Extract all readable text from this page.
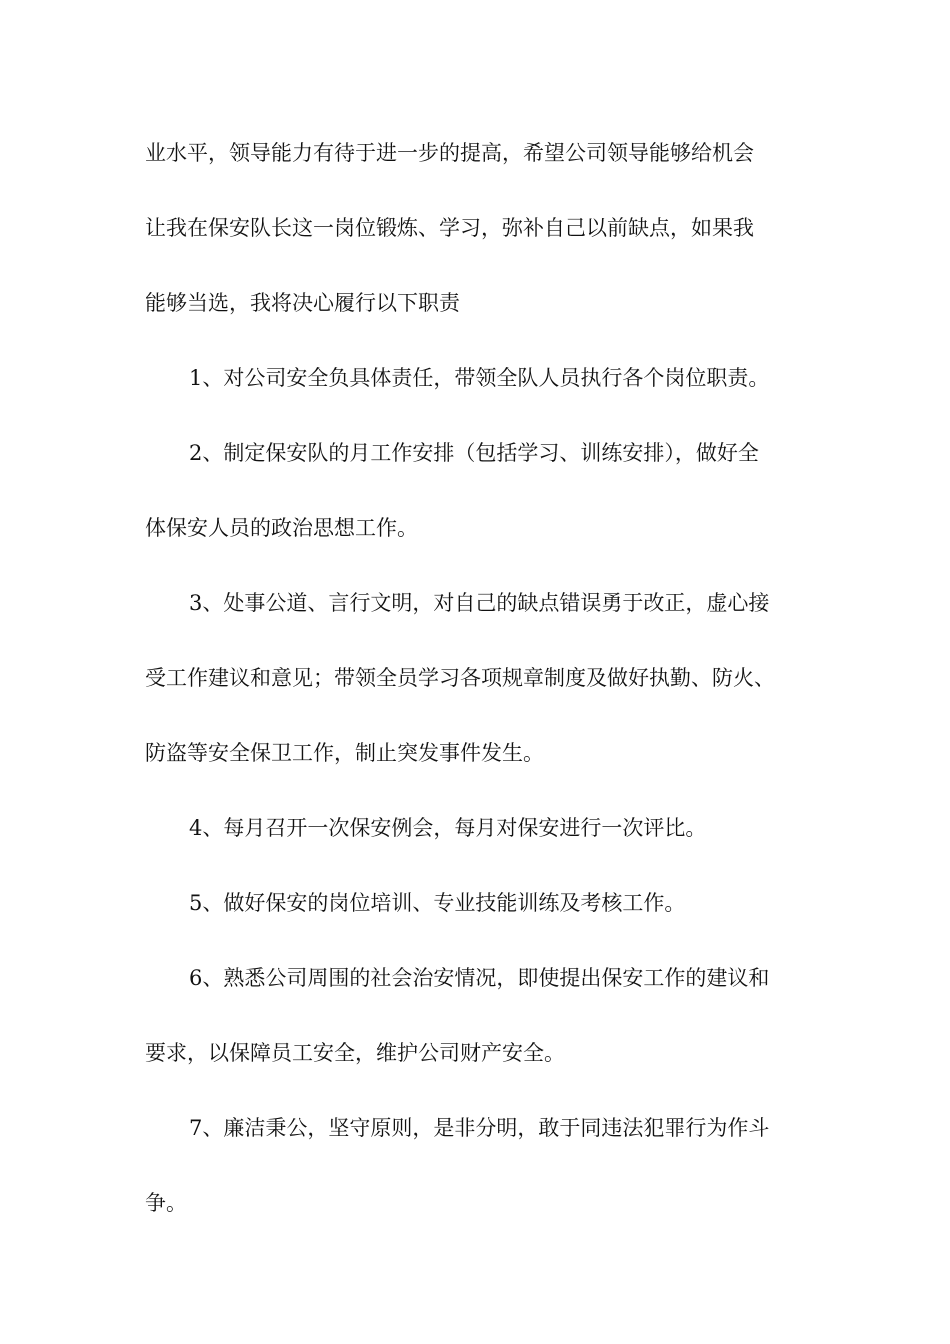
业水平，领导能力有待于进一步的提高，希望公司领导能够给机会
让我在保安队长这一岗位锻炼、学习，弥补自己以前缺点，如果我
能够当选，我将决心履行以下职责
1、对公司安全负具体责任，带领全队人员执行各个岗位职责。
2、制定保安队的月工作安排（包括学习、训练安排），做好全
体保安人员的政治思想工作。
3、处事公道、言行文明，对自己的缺点错误勇于改正，虚心接
受工作建议和意见；带领全员学习各项规章制度及做好执勤、防火、
防盗等安全保卫工作，制止突发事件发生。
4、每月召开一次保安例会，每月对保安进行一次评比。
5、做好保安的岗位培训、专业技能训练及考核工作。
6、熟悉公司周围的社会治安情况，即使提出保安工作的建议和
要求，以保障员工安全，维护公司财产安全。
7、廉洁秉公，坚守原则，是非分明，敢于同违法犯罪行为作斗
争。
